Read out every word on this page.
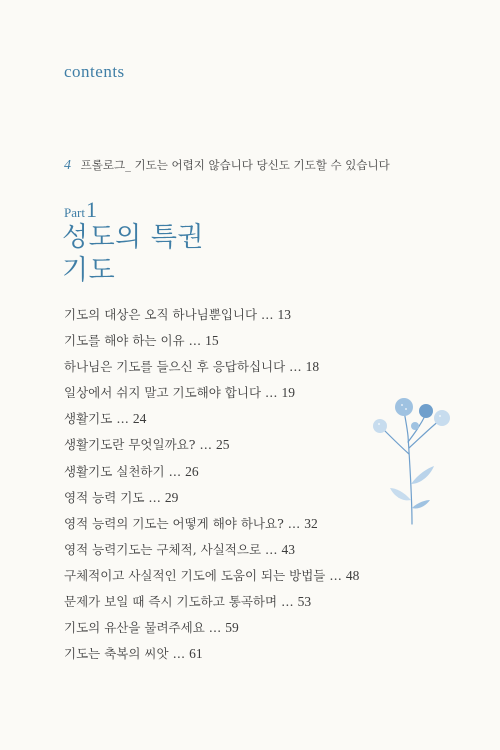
contents
4 프롤로그_ 기도는 어렵지 않습니다 당신도 기도할 수 있습니다
Part1
성도의 특권
기도
기도의 대상은 오직 하나님뿐입니다 … 13
기도를 해야 하는 이유 … 15
하나님은 기도를 들으신 후 응답하십니다 … 18
일상에서 쉬지 말고 기도해야 합니다 … 19
생활기도 … 24
생활기도란 무엇일까요? … 25
생활기도 실천하기 … 26
영적 능력 기도 … 29
영적 능력의 기도는 어떻게 해야 하나요? … 32
영적 능력기도는 구체적, 사실적으로 … 43
구체적이고 사실적인 기도에 도움이 되는 방법들 … 48
문제가 보일 때 즉시 기도하고 통곡하며 … 53
기도의 유산을 물려주세요 … 59
기도는 축복의 씨앗 … 61
